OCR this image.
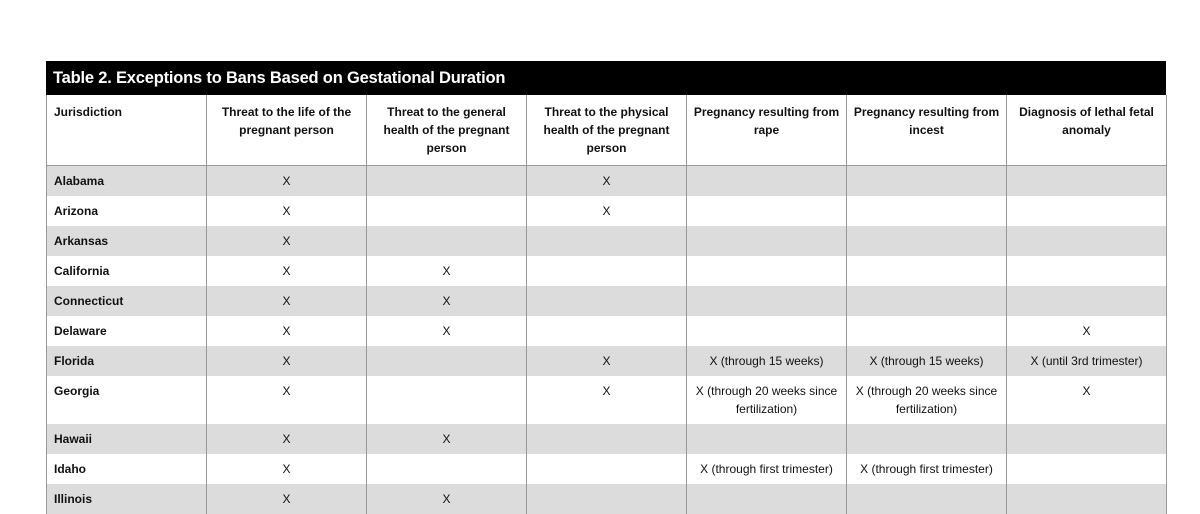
Table 2. Exceptions to Bans Based on Gestational Duration
Jurisdiction	Threat to the life of the pregnant person	Threat to the general health of the pregnant person	Threat to the physical health of the pregnant person	Pregnancy resulting from rape	Pregnancy resulting from incest	Diagnosis of lethal fetal anomaly
Alabama	X		X			
Arizona	X		X			
Arkansas	X					
California	X	X				
Connecticut	X	X				
Delaware	X	X				X
Florida	X		X	X (through 15 weeks)	X (through 15 weeks)	X (until 3rd trimester)
Georgia	X		X	X (through 20 weeks since fertilization)	X (through 20 weeks since fertilization)	X
Hawaii	X	X				
Idaho	X			X (through first trimester)	X (through first trimester)	
Illinois	X	X				
